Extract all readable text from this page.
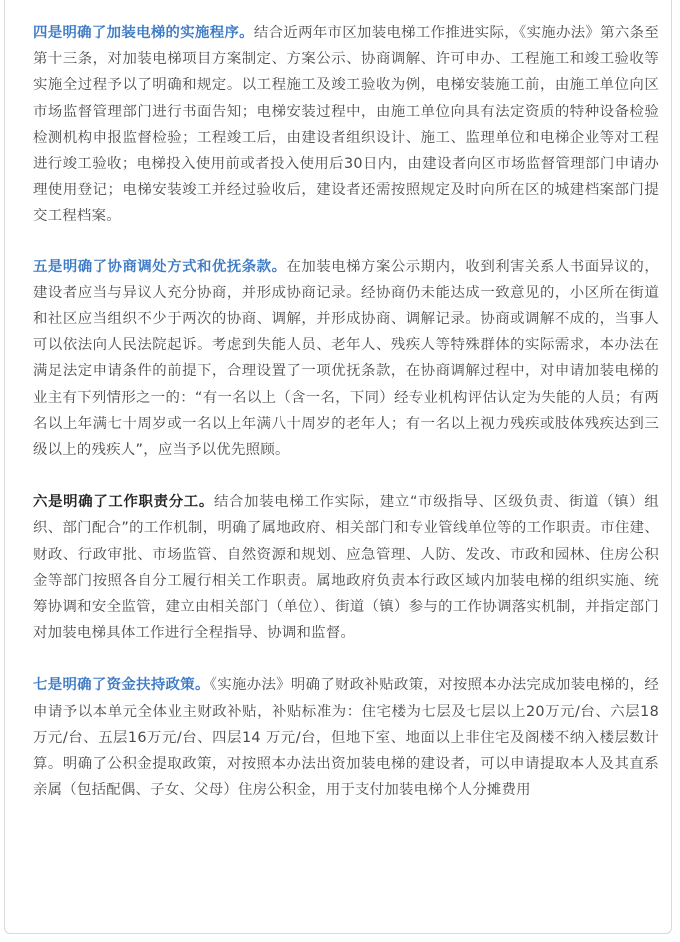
四是明确了加装电梯的实施程序。结合近两年市区加装电梯工作推进实际，《实施办法》第六条至第十三条，对加装电梯项目方案制定、方案公示、协商调解、许可申办、工程施工和竣工验收等实施全过程予以了明确和规定。以工程施工及竣工验收为例，电梯安装施工前，由施工单位向区市场监督管理部门进行书面告知；电梯安装过程中，由施工单位向具有法定资质的特种设备检验检测机构申报监督检验；工程竣工后，由建设者组织设计、施工、监理单位和电梯企业等对工程进行竣工验收；电梯投入使用前或者投入使用后30日内，由建设者向区市场监督管理部门申请办理使用登记；电梯安装竣工并经过验收后，建设者还需按照规定及时向所在区的城建档案部门提交工程档案。

五是明确了协商调处方式和优抚条款。在加装电梯方案公示期内，收到利害关系人书面异议的，建设者应当与异议人充分协商，并形成协商记录。经协商仍未能达成一致意见的，小区所在街道和社区应当组织不少于两次的协商、调解，并形成协商、调解记录。协商或调解不成的，当事人可以依法向人民法院起诉。考虑到失能人员、老年人、残疾人等特殊群体的实际需求，本办法在满足法定申请条件的前提下，合理设置了一项优抚条款，在协商调解过程中，对申请加装电梯的业主有下列情形之一的：“有一名以上（含一名，下同）经专业机构评估认定为失能的人员；有两名以上年满七十周岁或一名以上年满八十周岁的老年人；有一名以上视力残疾或肢体残疾达到三级以上的残疾人”，应当予以优先照顾。

六是明确了工作职责分工。结合加装电梯工作实际，建立“市级指导、区级负责、街道（镇）组织、部门配合”的工作机制，明确了属地政府、相关部门和专业管线单位等的工作职责。市住建、财政、行政审批、市场监管、自然资源和规划、应急管理、人防、发改、市政和园林、住房公积金等部门按照各自分工履行相关工作职责。属地政府负责本行政区域内加装电梯的组织实施、统筹协调和安全监管，建立由相关部门（单位）、街道（镇）参与的工作协调落实机制，并指定部门对加装电梯具体工作进行全程指导、协调和监督。

七是明确了资金扶持政策。《实施办法》明确了财政补贴政策，对按照本办法完成加装电梯的，经申请予以本单元全体业主财政补贴，补贴标准为：住宅楼为七层及七层以上20万元/台、六层18万元/台、五层16万元/台、四层14 万元/台，但地下室、地面以上非住宅及阁楼不纳入楼层数计算。明确了公积金提取政策，对按照本办法出资加装电梯的建设者，可以申请提取本人及其直系亲属（包括配偶、子女、父母）住房公积金，用于支付加装电梯个人分摊费用
